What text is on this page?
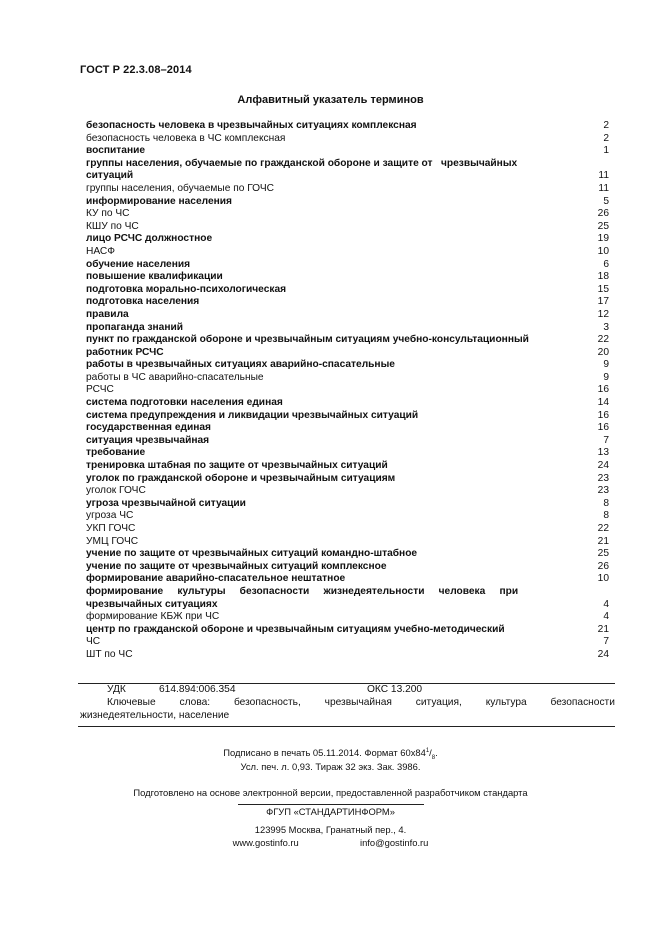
ГОСТ Р 22.3.08–2014
Алфавитный указатель терминов
безопасность человека в чрезвычайных ситуациях комплексная	2
безопасность человека в ЧС комплексная	2
воспитание	1
группы населения, обучаемые по гражданской обороне и защите от   чрезвычайных
ситуаций	11
группы населения, обучаемые по ГОЧС	11
информирование населения	5
КУ по ЧС	26
КШУ по ЧС	25
лицо РСЧС должностное	19
НАСФ	10
обучение населения	6
повышение квалификации	18
подготовка морально-психологическая	15
подготовка населения	17
правила	12
пропаганда знаний	3
пункт по гражданской обороне и чрезвычайным ситуациям учебно-консультационный	22
работник РСЧС	20
работы в чрезвычайных ситуациях аварийно-спасательные	9
работы в ЧС аварийно-спасательные	9
РСЧС	16
система подготовки населения единая	14
система предупреждения и ликвидации чрезвычайных ситуаций	16
государственная единая	16
ситуация чрезвычайная	7
требование	13
тренировка штабная по защите от чрезвычайных ситуаций	24
уголок по гражданской обороне и чрезвычайным ситуациям	23
уголок ГОЧС	23
угроза чрезвычайной ситуации	8
угроза ЧС	8
УКП ГОЧС	22
УМЦ ГОЧС	21
учение по защите от чрезвычайных ситуаций командно-штабное	25
учение по защите от чрезвычайных ситуаций комплексное	26
формирование аварийно-спасательное нештатное	10
формирование     культуры     безопасности     жизнедеятельности     человека     при
чрезвычайных ситуациях	4
формирование КБЖ при ЧС	4
центр по гражданской обороне и чрезвычайным ситуациям учебно-методический	21
ЧС	7
ШТ по ЧС	24
УДК	614.894:006.354	ОКС 13.200
Ключевые слова: безопасность, чрезвычайная ситуация, культура безопасности
жизнедеятельности, население
Подписано в печать 05.11.2014. Формат $60х84^1/_8$.
Усл. печ. л. 0,93. Тираж 32 экз. Зак. 3986.
Подготовлено на основе электронной версии, предоставленной разработчиком стандарта
ФГУП «СТАНДАРТИНФОРМ»
123995 Москва, Гранатный пер., 4.
www.gostinfo.ru	info@gostinfo.ru
